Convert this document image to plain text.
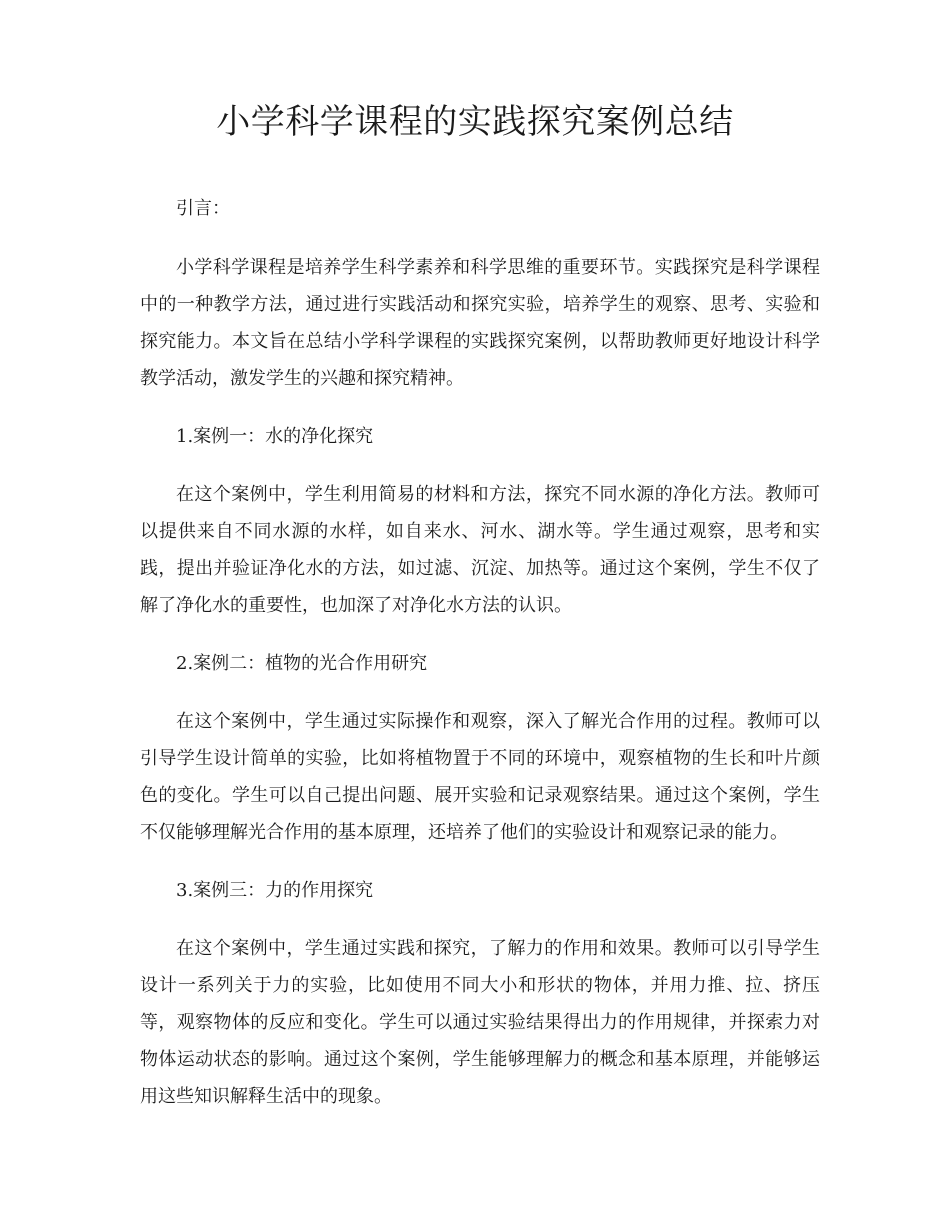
小学科学课程的实践探究案例总结

引言：

小学科学课程是培养学生科学素养和科学思维的重要环节。实践探究是科学课程中的一种教学方法，通过进行实践活动和探究实验，培养学生的观察、思考、实验和探究能力。本文旨在总结小学科学课程的实践探究案例，以帮助教师更好地设计科学教学活动，激发学生的兴趣和探究精神。

1.案例一：水的净化探究

在这个案例中，学生利用简易的材料和方法，探究不同水源的净化方法。教师可以提供来自不同水源的水样，如自来水、河水、湖水等。学生通过观察，思考和实践，提出并验证净化水的方法，如过滤、沉淀、加热等。通过这个案例，学生不仅了解了净化水的重要性，也加深了对净化水方法的认识。

2.案例二：植物的光合作用研究

在这个案例中，学生通过实际操作和观察，深入了解光合作用的过程。教师可以引导学生设计简单的实验，比如将植物置于不同的环境中，观察植物的生长和叶片颜色的变化。学生可以自己提出问题、展开实验和记录观察结果。通过这个案例，学生不仅能够理解光合作用的基本原理，还培养了他们的实验设计和观察记录的能力。

3.案例三：力的作用探究

在这个案例中，学生通过实践和探究，了解力的作用和效果。教师可以引导学生设计一系列关于力的实验，比如使用不同大小和形状的物体，并用力推、拉、挤压等，观察物体的反应和变化。学生可以通过实验结果得出力的作用规律，并探索力对物体运动状态的影响。通过这个案例，学生能够理解力的概念和基本原理，并能够运用这些知识解释生活中的现象。
